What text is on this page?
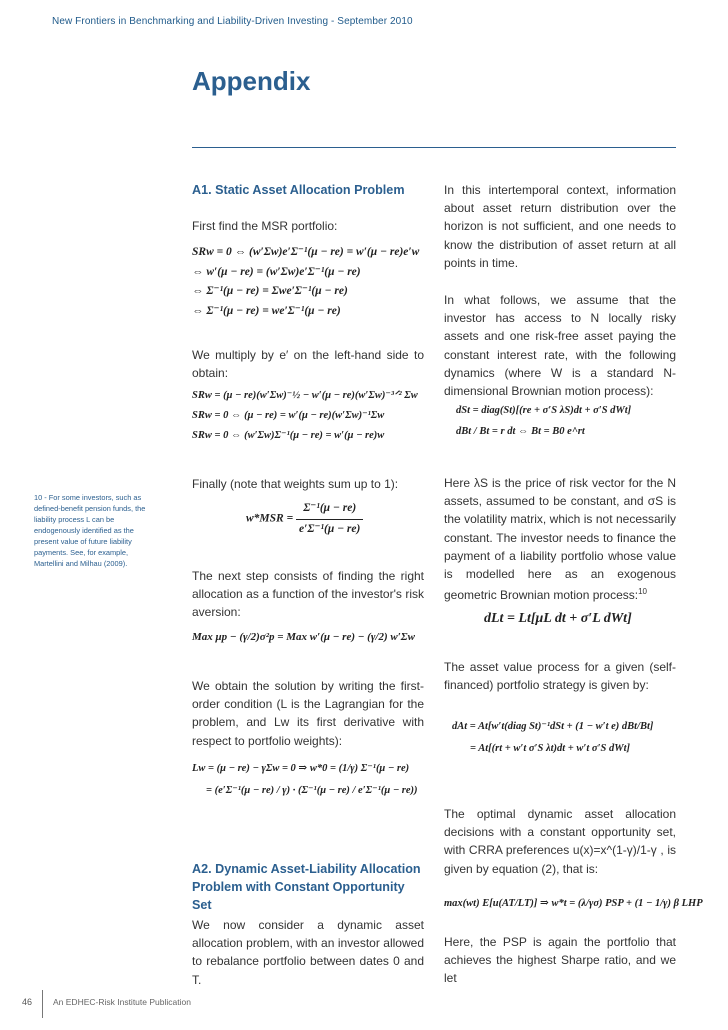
New Frontiers in Benchmarking and Liability-Driven Investing - September 2010
Appendix
A1. Static Asset Allocation Problem
First find the MSR portfolio:
SRw = 0 ⇔ (w′Σw)e′Σ⁻¹(μ − re) = w′(μ − re)e′w
⇔ w′(μ − re) = (w′Σw)e′Σ⁻¹(μ − re)
⇔ Σ⁻¹(μ − re) = Σwe′Σ⁻¹(μ − re)
⇔ Σ⁻¹(μ − re) = we′Σ⁻¹(μ − re)
We multiply by e′ on the left-hand side to obtain:
SRw = (μ − re)(w′Σw)⁻½ − w′(μ − re)(w′Σw)⁻³ᐟ² Σw
SRw = 0 ⇔ (μ − re) = w′(μ − re)(w′Σw)⁻¹Σw
SRw = 0 ⇔ (w′Σw)Σ⁻¹(μ − re) = w′(μ − re)w
Finally (note that weights sum up to 1):
$w*MSR = \frac{\text{Σ⁻¹(μ − re)}}{\text{e′Σ⁻¹(μ − re)}}$
The next step consists of finding the right allocation as a function of the investor's risk aversion:
Max μp − (γ/2)σ²p = Max w′(μ − re) − (γ/2) w′Σw
We obtain the solution by writing the first-order condition (L is the Lagrangian for the problem, and Lw its first derivative with respect to portfolio weights):
Lw = (μ − re) − γΣw = 0 ⇒ w*0 = (1/γ) Σ⁻¹(μ − re)
= (e′Σ⁻¹(μ − re) / γ) · (Σ⁻¹(μ − re) / e′Σ⁻¹(μ − re))
A2. Dynamic Asset-Liability Allocation Problem with Constant Opportunity Set
We now consider a dynamic asset allocation problem, with an investor allowed to rebalance portfolio between dates 0 and T.
10 - For some investors, such as defined-benefit pension funds, the liability process L can be endogenously identified as the present value of future liability payments. See, for example, Martellini and Milhau (2009).
In this intertemporal context, information about asset return distribution over the horizon is not sufficient, and one needs to know the distribution of asset return at all points in time.
In what follows, we assume that the investor has access to N locally risky assets and one risk-free asset paying the constant interest rate, with the following dynamics (where W is a standard N-dimensional Brownian motion process):
dSt = diag(St)[(re + σ′S λS)dt + σ′S dWt]
dBt / Bt = r dt ⇔ Bt = B0 e^rt
Here λS is the price of risk vector for the N assets, assumed to be constant, and σS is the volatility matrix, which is not necessarily constant. The investor needs to finance the payment of a liability portfolio whose value is modelled here as an exogenous geometric Brownian motion process:$^{10}$
dLt = Lt[μL dt + σ′L dWt]
The asset value process for a given (self-financed) portfolio strategy is given by:
dAt = At[w′t(diag St)⁻¹dSt + (1 − w′t e) dBt/Bt]
= At[(rt + w′t σ′S λt)dt + w′t σ′S dWt]
The optimal dynamic asset allocation decisions with a constant opportunity set, with CRRA preferences u(x)=x^(1-γ)/1-γ , is given by equation (2), that is:
max(wt) E[u(AT/LT)] ⇒ w*t = (λ/γσ) PSP + (1 − 1/γ) β LHP
Here, the PSP is again the portfolio that achieves the highest Sharpe ratio, and we let
46 An EDHEC-Risk Institute Publication
